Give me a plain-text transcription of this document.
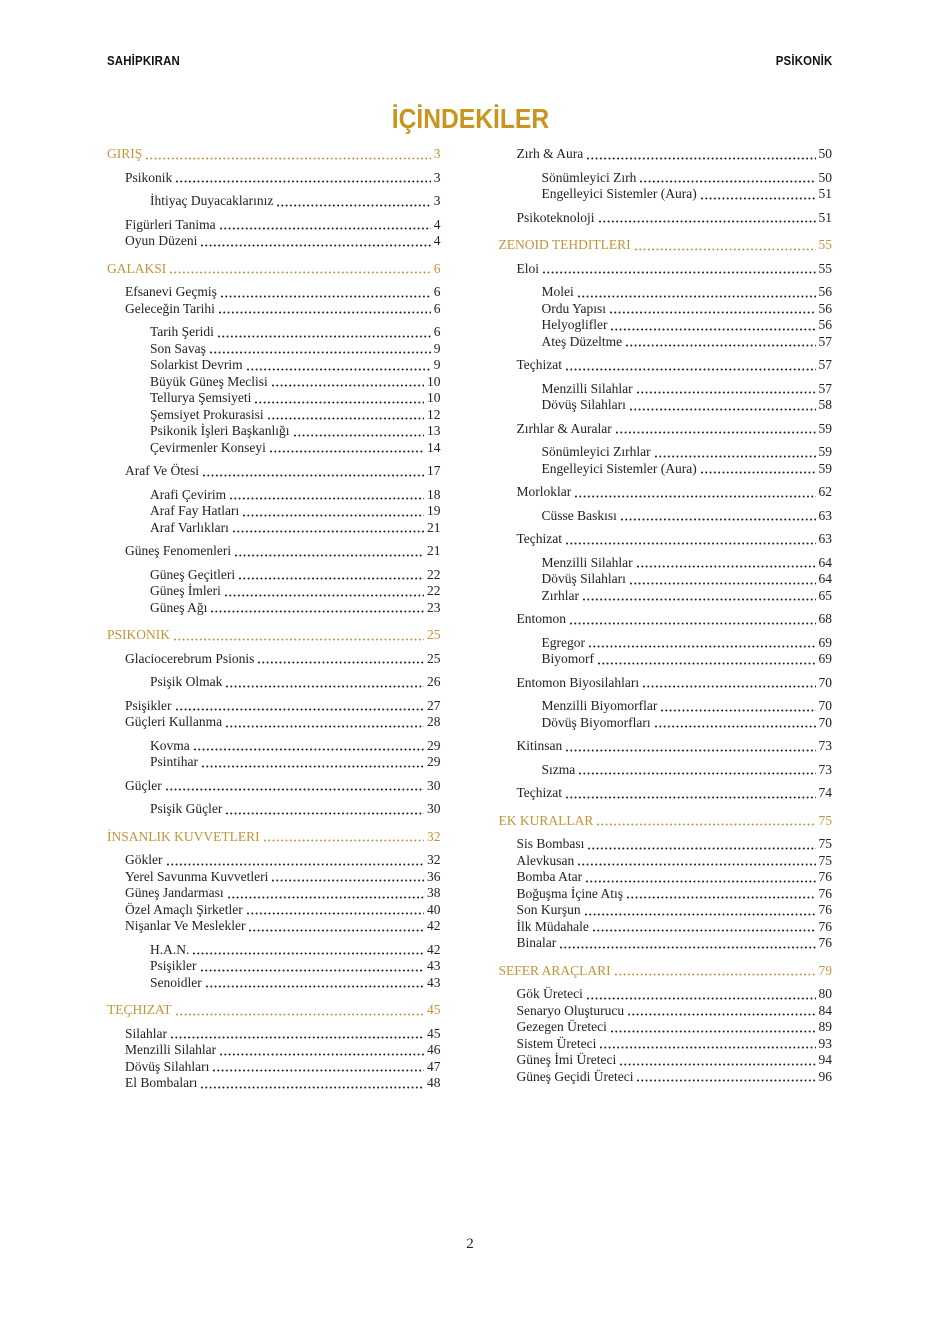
SAHİPKIRAN	PSİKONİK
İÇİNDEKİLER
GIRIŞ	3
Psikonik	3
İhtiyaç Duyacaklarınız	3
Figürleri Tanima	4
Oyun Düzeni	4
GALAKSI	6
Efsanevi Geçmiş	6
Geleceğin Tarihi	6
Tarih Şeridi	6
Son Savaş	9
Solarkist Devrim	9
Büyük Güneş Meclisi	10
Tellurya Şemsiyeti	10
Şemsiyet Prokurasisi	12
Psikonik İşleri Başkanlığı	13
Çevirmenler Konseyi	14
Araf Ve Ötesi	17
Arafi Çevirim	18
Araf Fay Hatları	19
Araf Varlıkları	21
Güneş Fenomenleri	21
Güneş Geçitleri	22
Güneş İmleri	22
Güneş Ağı	23
PSIKONIK	25
Glaciocerebrum Psionis	25
Psişik Olmak	26
Psişikler	27
Güçleri Kullanma	28
Kovma	29
Psintihar	29
Güçler	30
Psişik Güçler	30
İNSANLIK KUVVETLERI	32
Gökler	32
Yerel Savunma Kuvvetleri	36
Güneş Jandarması	38
Özel Amaçlı Şirketler	40
Nişanlar Ve Meslekler	42
H.A.N.	42
Psişikler	43
Senoidler	43
TEÇHIZAT	45
Silahlar	45
Menzilli Silahlar	46
Dövüş Silahları	47
El Bombaları	48
Zırh & Aura	50
Sönümleyici Zırh	50
Engelleyici Sistemler (Aura)	51
Psikoteknoloji	51
ZENOID TEHDITLERI	55
Eloi	55
Molei	56
Ordu Yapısı	56
Helyoglifler	56
Ateş Düzeltme	57
Teçhizat	57
Menzilli Silahlar	57
Dövüş Silahları	58
Zırhlar & Auralar	59
Sönümleyici Zırhlar	59
Engelleyici Sistemler (Aura)	59
Morloklar	62
Cüsse Baskısı	63
Teçhizat	63
Menzilli Silahlar	64
Dövüş Silahları	64
Zırhlar	65
Entomon	68
Egregor	69
Biyomorf	69
Entomon Biyosilahları	70
Menzilli Biyomorflar	70
Dövüş Biyomorfları	70
Kitinsan	73
Sızma	73
Teçhizat	74
EK KURALLAR	75
Sis Bombası	75
Alevkusan	75
Bomba Atar	76
Boğuşma İçine Atış	76
Son Kurşun	76
İlk Müdahale	76
Binalar	76
SEFER ARAÇLARI	79
Gök Üreteci	80
Senaryo Oluşturucu	84
Gezegen Üreteci	89
Sistem Üreteci	93
Güneş İmi Üreteci	94
Güneş Geçidi Üreteci	96
2
